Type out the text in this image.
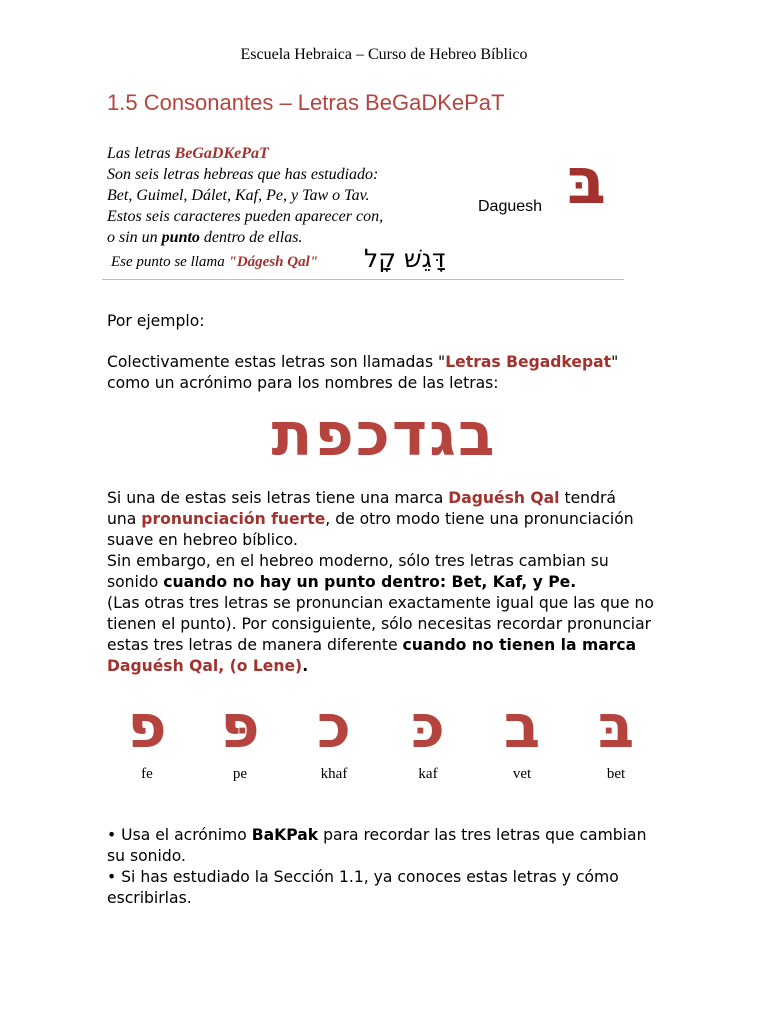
Escuela Hebraica – Curso de Hebreo Bíblico
1.5 Consonantes – Letras BeGaDKePaT
Las letras BeGaDKePaT
Son seis letras hebreas que has estudiado:
Bet, Guimel, Dálet, Kaf, Pe, y Taw o Tav.
Estos seis caracteres pueden aparecer con,
o sin un punto dentro de ellas.
Ese punto se llama "Dágesh Qal" דָּגֵשׁ קָל
Daguesh בּ
Por ejemplo:
Colectivamente estas letras son llamadas "Letras Begadkepat"
como un acrónimo para los nombres de las letras:
בגדכפת
Si una de estas seis letras tiene una marca Daguésh Qal tendrá
una pronunciación fuerte, de otro modo tiene una pronunciación
suave en hebreo bíblico.
Sin embargo, en el hebreo moderno, sólo tres letras cambian su
sonido cuando no hay un punto dentro: Bet, Kaf, y Pe.
(Las otras tres letras se pronuncian exactamente igual que las que no
tienen el punto). Por consiguiente, sólo necesitas recordar pronunciar
estas tres letras de manera diferente cuando no tienen la marca
Daguésh Qal, (o Lene).
פ
fe
פּ
pe
כ
khaf
כּ
kaf
ב
vet
בּ
bet
• Usa el acrónimo BaKPak para recordar las tres letras que cambian
su sonido.
• Si has estudiado la Sección 1.1, ya conoces estas letras y cómo
escribirlas.
